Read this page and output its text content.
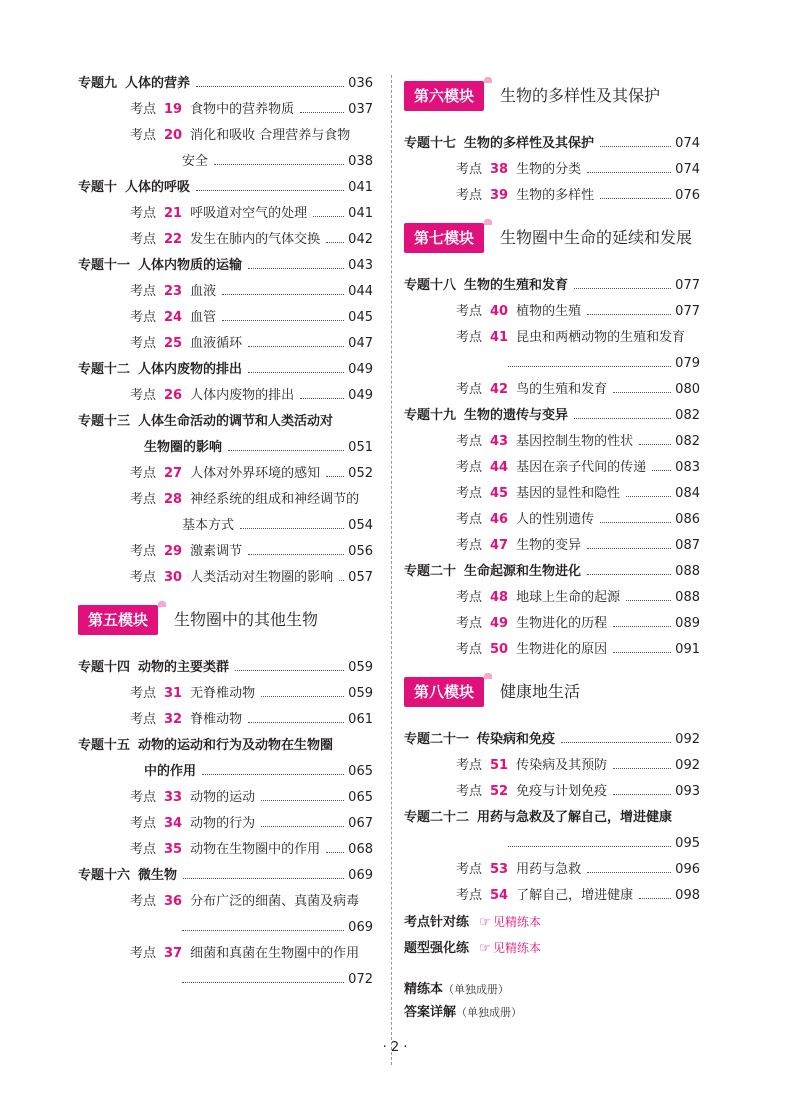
专题九 人体的营养	036
考点 19 食物中的营养物质	037
考点 20 消化和吸收 合理营养与食物
安全	038
专题十 人体的呼吸	041
考点 21 呼吸道对空气的处理	041
考点 22 发生在肺内的气体交换 042
专题十一 人体内物质的运输	043
考点 23 血液	044
考点 24 血管	045
考点 25 血液循环	047
专题十二 人体内废物的排出	049
考点 26 人体内废物的排出	049
专题十三 人体生命活动的调节和人类活动对
生物圈的影响	051
考点 27 人体对外界环境的感知 052
考点 28 神经系统的组成和神经调节的
基本方式	054
考点 29 激素调节	056
考点 30 人类活动对生物圈的影响 057
第五模块	生物圈中的其他生物
专题十四 动物的主要类群	059
考点 31 无脊椎动物	059
考点 32 脊椎动物	061
专题十五 动物的运动和行为及动物在生物圈
中的作用	065
考点 33 动物的运动	065
考点 34 动物的行为	067
考点 35 动物在生物圈中的作用 068
专题十六 微生物	069
考点 36 分布广泛的细菌、真菌及病毒
069
考点 37 细菌和真菌在生物圈中的作用
072
第六模块	生物的多样性及其保护
专题十七 生物的多样性及其保护	074
考点 38 生物的分类	074
考点 39 生物的多样性	076
第七模块	生物圈中生命的延续和发展
专题十八 生物的生殖和发育	077
考点 40 植物的生殖	077
考点 41 昆虫和两栖动物的生殖和发育
079
考点 42 鸟的生殖和发育	080
专题十九 生物的遗传与变异	082
考点 43 基因控制生物的性状	082
考点 44 基因在亲子代间的传递 083
考点 45 基因的显性和隐性	084
考点 46 人的性别遗传	086
考点 47 生物的变异	087
专题二十 生命起源和生物进化	088
考点 48 地球上生命的起源	088
考点 49 生物进化的历程	089
考点 50 生物进化的原因	091
第八模块	健康地生活
专题二十一 传染病和免疫	092
考点 51 传染病及其预防	092
考点 52 免疫与计划免疫	093
专题二十二 用药与急救及了解自己，增进健康
095
考点 53 用药与急救	096
考点 54 了解自己，增进健康	098
考点针对练 ☞ 见精练本
题型强化练 ☞ 见精练本
精练本（单独成册）
答案详解（单独成册）
· 2 ·
